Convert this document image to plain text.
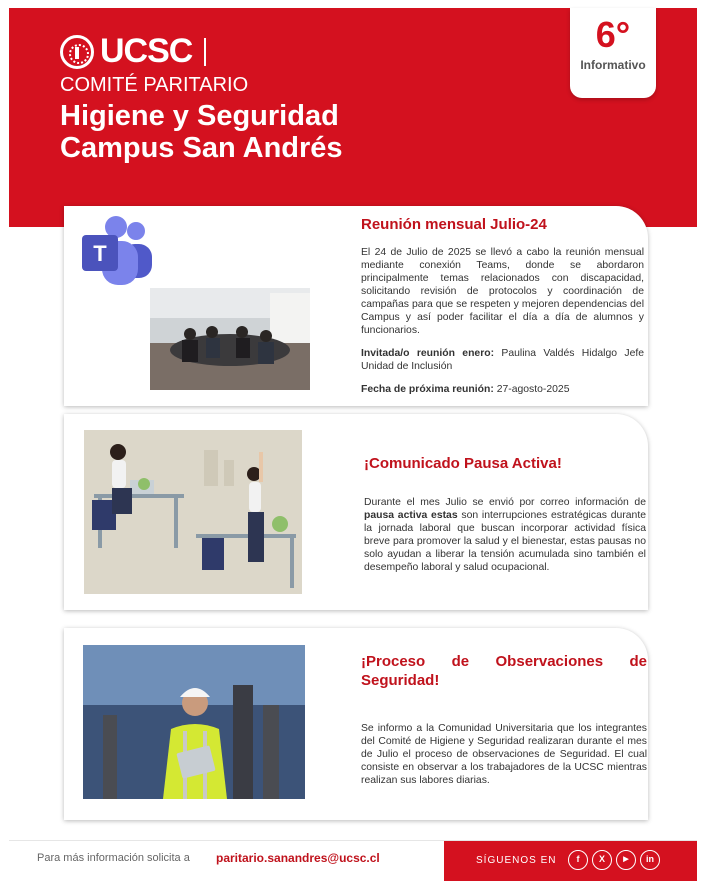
UCSC
COMITÉ PARITARIO
Higiene y Seguridad
Campus San Andrés
6°
Informativo
T
Reunión mensual Julio-24
El 24 de Julio de 2025 se llevó a cabo la reunión mensual mediante conexión Teams, donde se abordaron principalmente temas relacionados con discapacidad, solicitando revisión de protocolos y coordinación de campañas para que se respeten y mejoren dependencias del Campus y así poder facilitar el día a día de alumnos y funcionarios.
Invitada/o reunión enero: Paulina Valdés Hidalgo Jefe Unidad de Inclusión
Fecha de próxima reunión: 27-agosto-2025
¡Comunicado Pausa Activa!
Durante el mes Julio se envió por correo información de pausa activa estas son interrupciones estratégicas durante la jornada laboral que buscan incorporar actividad física breve para promover la salud y el bienestar, estas pausas no solo ayudan a liberar la tensión acumulada sino también el desempeño laboral y salud ocupacional.
¡Proceso de Observaciones de Seguridad!
Se informo a la Comunidad Universitaria que los integrantes del Comité de Higiene y Seguridad realizaran durante el mes de Julio el proceso de observaciones de Seguridad. El cual consiste en observar a los trabajadores de la UCSC mientras realizan sus labores diarias.
Para más información solicita a paritario.sanandres@ucsc.cl	SÍGUENOS EN	f	X	▶	in
